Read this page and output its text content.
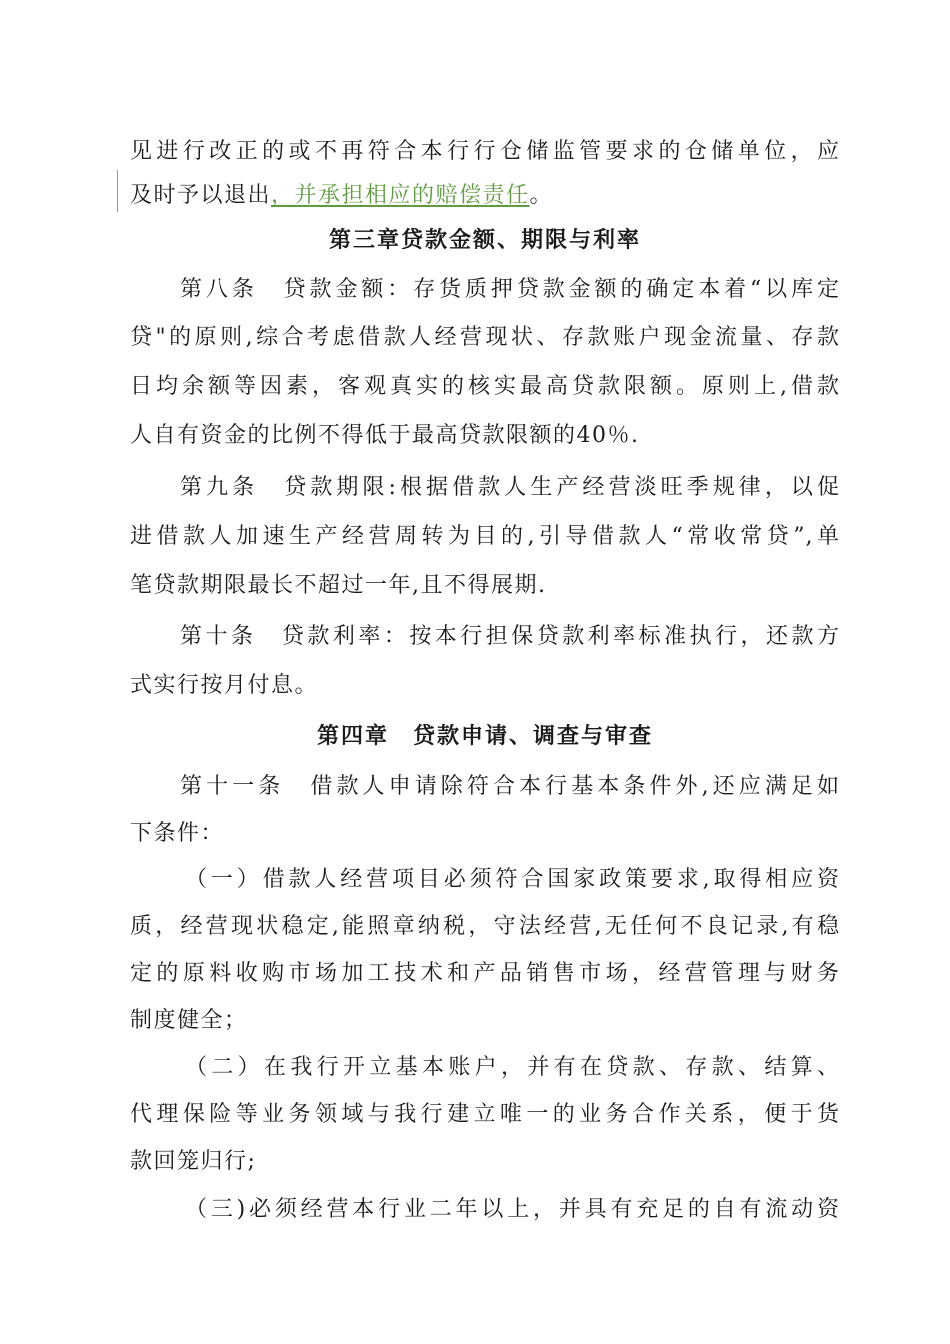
见进行改正的或不再符合本行行仓储监管要求的仓储单位，应
及时予以退出，并承担相应的赔偿责任。
第三章贷款金额、期限与利率
第八条　贷款金额：存货质押贷款金额的确定本着“以库定
贷"的原则,综合考虑借款人经营现状、存款账户现金流量、存款
日均余额等因素，客观真实的核实最高贷款限额。原则上,借款
人自有资金的比例不得低于最高贷款限额的40％.
第九条　贷款期限:根据借款人生产经营淡旺季规律，以促
进借款人加速生产经营周转为目的,引导借款人“常收常贷”,单
笔贷款期限最长不超过一年,且不得展期.
第十条　贷款利率：按本行担保贷款利率标准执行，还款方
式实行按月付息。
第四章　贷款申请、调查与审查
第十一条　借款人申请除符合本行基本条件外,还应满足如
下条件：
（一）借款人经营项目必须符合国家政策要求,取得相应资
质，经营现状稳定,能照章纳税，守法经营,无任何不良记录,有稳
定的原料收购市场加工技术和产品销售市场，经营管理与财务
制度健全；
（二）在我行开立基本账户，并有在贷款、存款、结算、
代理保险等业务领域与我行建立唯一的业务合作关系，便于货
款回笼归行;
（三)必须经营本行业二年以上，并具有充足的自有流动资
